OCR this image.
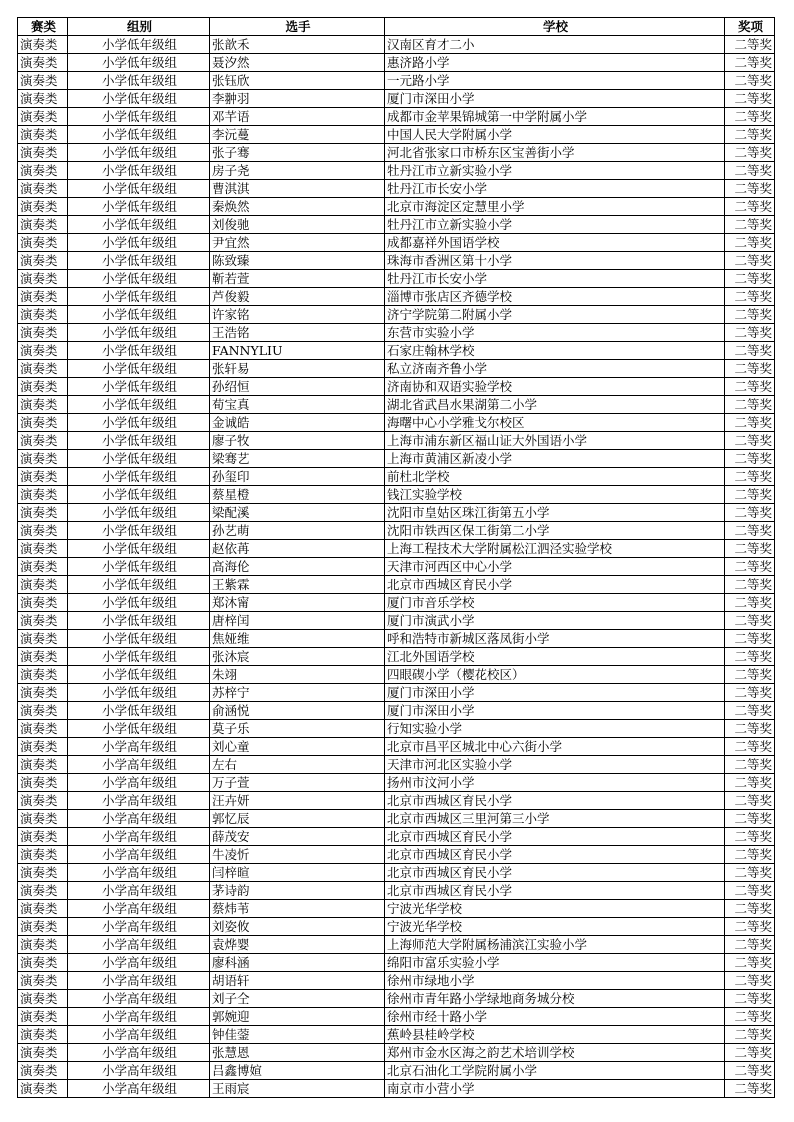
赛类	组别	选手	学校	奖项
演奏类	小学低年级组	张歆禾	汉南区育才二小	二等奖
演奏类	小学低年级组	聂汐然	惠济路小学	二等奖
演奏类	小学低年级组	张钰欣	一元路小学	二等奖
演奏类	小学低年级组	李翀羽	厦门市深田小学	二等奖
演奏类	小学低年级组	邓芊语	成都市金苹果锦城第一中学附属小学	二等奖
演奏类	小学低年级组	李沅蔓	中国人民大学附属小学	二等奖
演奏类	小学低年级组	张子骞	河北省张家口市桥东区宝善街小学	二等奖
演奏类	小学低年级组	房子尧	牡丹江市立新实验小学	二等奖
演奏类	小学低年级组	曹淇淇	牡丹江市长安小学	二等奖
演奏类	小学低年级组	秦焕然	北京市海淀区定慧里小学	二等奖
演奏类	小学低年级组	刘俊驰	牡丹江市立新实验小学	二等奖
演奏类	小学低年级组	尹宜然	成都嘉祥外国语学校	二等奖
演奏类	小学低年级组	陈致臻	珠海市香洲区第十小学	二等奖
演奏类	小学低年级组	靳若萱	牡丹江市长安小学	二等奖
演奏类	小学低年级组	芦俊毅	淄博市张店区齐德学校	二等奖
演奏类	小学低年级组	许家铭	济宁学院第二附属小学	二等奖
演奏类	小学低年级组	王浩铭	东营市实验小学	二等奖
演奏类	小学低年级组	FANNYLIU	石家庄翰林学校	二等奖
演奏类	小学低年级组	张轩易	私立济南齐鲁小学	二等奖
演奏类	小学低年级组	孙绍恒	济南协和双语实验学校	二等奖
演奏类	小学低年级组	荀宝真	湖北省武昌水果湖第二小学	二等奖
演奏类	小学低年级组	金诚皓	海曙中心小学雅戈尔校区	二等奖
演奏类	小学低年级组	廖子牧	上海市浦东新区福山证大外国语小学	二等奖
演奏类	小学低年级组	梁骞艺	上海市黄浦区新凌小学	二等奖
演奏类	小学低年级组	孙玺印	前杜北学校	二等奖
演奏类	小学低年级组	蔡星橙	钱江实验学校	二等奖
演奏类	小学低年级组	梁配溪	沈阳市皇姑区珠江街第五小学	二等奖
演奏类	小学低年级组	孙艺萌	沈阳市铁西区保工街第二小学	二等奖
演奏类	小学低年级组	赵依苒	上海工程技术大学附属松江泗泾实验学校	二等奖
演奏类	小学低年级组	高海伦	天津市河西区中心小学	二等奖
演奏类	小学低年级组	王紫霖	北京市西城区育民小学	二等奖
演奏类	小学低年级组	郑沐甯	厦门市音乐学校	二等奖
演奏类	小学低年级组	唐梓闰	厦门市演武小学	二等奖
演奏类	小学低年级组	焦娅维	呼和浩特市新城区落凤街小学	二等奖
演奏类	小学低年级组	张沐宸	江北外国语学校	二等奖
演奏类	小学低年级组	朱翊	四眼碶小学（樱花校区）	二等奖
演奏类	小学低年级组	苏梓宁	厦门市深田小学	二等奖
演奏类	小学低年级组	俞涵悦	厦门市深田小学	二等奖
演奏类	小学低年级组	莫子乐	行知实验小学	二等奖
演奏类	小学高年级组	刘心童	北京市昌平区城北中心六街小学	二等奖
演奏类	小学高年级组	左右	天津市河北区实验小学	二等奖
演奏类	小学高年级组	万子萱	扬州市汶河小学	二等奖
演奏类	小学高年级组	汪卉妍	北京市西城区育民小学	二等奖
演奏类	小学高年级组	郭忆辰	北京市西城区三里河第三小学	二等奖
演奏类	小学高年级组	薛茂安	北京市西城区育民小学	二等奖
演奏类	小学高年级组	牛凌忻	北京市西城区育民小学	二等奖
演奏类	小学高年级组	闫梓暄	北京市西城区育民小学	二等奖
演奏类	小学高年级组	茅诗韵	北京市西城区育民小学	二等奖
演奏类	小学高年级组	蔡炜苇	宁波光华学校	二等奖
演奏类	小学高年级组	刘姿攸	宁波光华学校	二等奖
演奏类	小学高年级组	袁烨婴	上海师范大学附属杨浦滨江实验小学	二等奖
演奏类	小学高年级组	廖科涵	绵阳市富乐实验小学	二等奖
演奏类	小学高年级组	胡语轩	徐州市绿地小学	二等奖
演奏类	小学高年级组	刘子仝	徐州市青年路小学绿地商务城分校	二等奖
演奏类	小学高年级组	郭婉迎	徐州市经十路小学	二等奖
演奏类	小学高年级组	钟佳蓥	蕉岭县桂岭学校	二等奖
演奏类	小学高年级组	张慧恩	郑州市金水区海之韵艺术培训学校	二等奖
演奏类	小学高年级组	吕鑫博媗	北京石油化工学院附属小学	二等奖
演奏类	小学高年级组	王雨宸	南京市小营小学	二等奖
